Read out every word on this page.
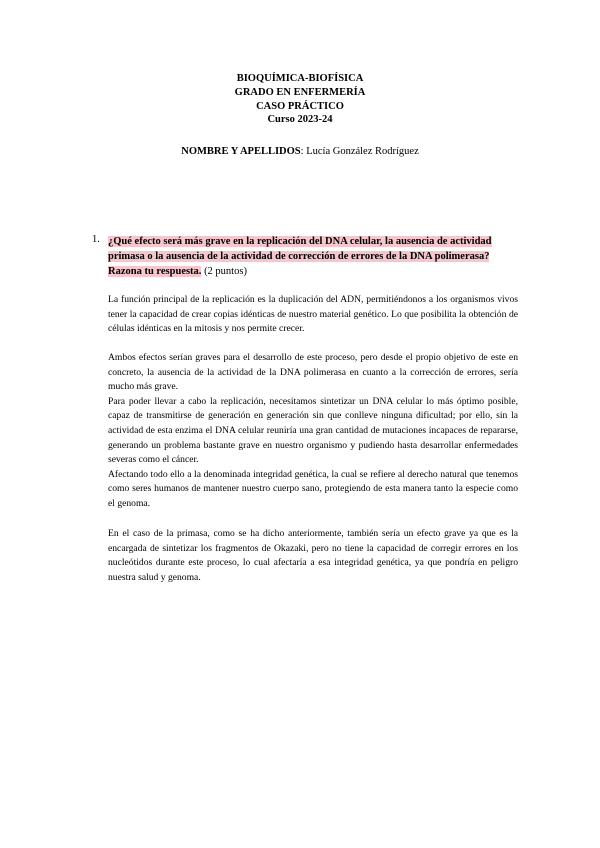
BIOQUÍMICA-BIOFÍSICA
GRADO EN ENFERMERÍA
CASO PRÁCTICO
Curso 2023-24
NOMBRE Y APELLIDOS: Lucía González Rodríguez
1. ¿Qué efecto será más grave en la replicación del DNA celular, la ausencia de actividad primasa o la ausencia de la actividad de corrección de errores de la DNA polimerasa? Razona tu respuesta. (2 puntos)

La función principal de la replicación es la duplicación del ADN, permitiéndonos a los organismos vivos tener la capacidad de crear copias idénticas de nuestro material genético. Lo que posibilita la obtención de células idénticas en la mitosis y nos permite crecer.

Ambos efectos serían graves para el desarrollo de este proceso, pero desde el propio objetivo de este en concreto, la ausencia de la actividad de la DNA polimerasa en cuanto a la corrección de errores, sería mucho más grave.

Para poder llevar a cabo la replicación, necesitamos sintetizar un DNA celular lo más óptimo posible, capaz de transmitirse de generación en generación sin que conlleve ninguna dificultad; por ello, sin la actividad de esta enzima el DNA celular reuniría una gran cantidad de mutaciones incapaces de repararse, generando un problema bastante grave en nuestro organismo y pudiendo hasta desarrollar enfermedades severas como el cáncer.

Afectando todo ello a la denominada integridad genética, la cual se refiere al derecho natural que tenemos como seres humanos de mantener nuestro cuerpo sano, protegiendo de esta manera tanto la especie como el genoma.

En el caso de la primasa, como se ha dicho anteriormente, también sería un efecto grave ya que es la encargada de sintetizar los fragmentos de Okazaki, pero no tiene la capacidad de corregir errores en los nucleótidos durante este proceso, lo cual afectaría a esa integridad genética, ya que pondría en peligro nuestra salud y genoma.
